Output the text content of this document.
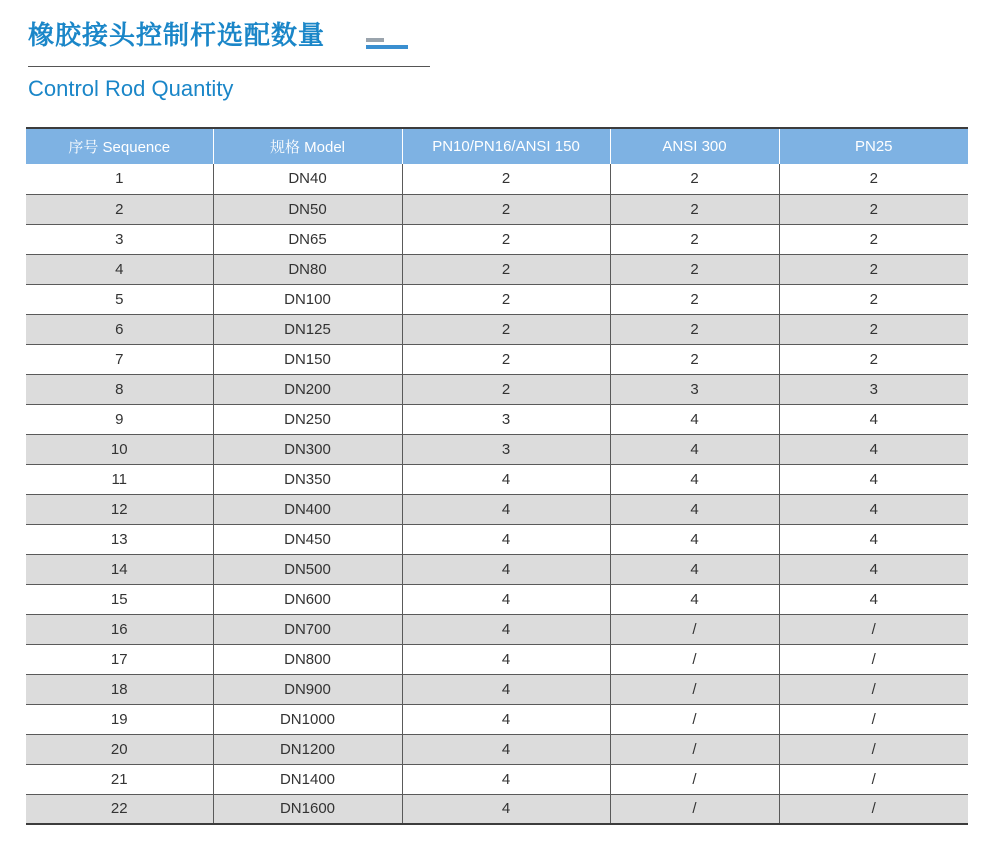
橡胶接头控制杆选配数量
Control Rod Quantity
序号 Sequence	规格 Model	PN10/PN16/ANSI 150	ANSI 300	PN25
1	DN40	2	2	2
2	DN50	2	2	2
3	DN65	2	2	2
4	DN80	2	2	2
5	DN100	2	2	2
6	DN125	2	2	2
7	DN150	2	2	2
8	DN200	2	3	3
9	DN250	3	4	4
10	DN300	3	4	4
11	DN350	4	4	4
12	DN400	4	4	4
13	DN450	4	4	4
14	DN500	4	4	4
15	DN600	4	4	4
16	DN700	4	/	/
17	DN800	4	/	/
18	DN900	4	/	/
19	DN1000	4	/	/
20	DN1200	4	/	/
21	DN1400	4	/	/
22	DN1600	4	/	/
